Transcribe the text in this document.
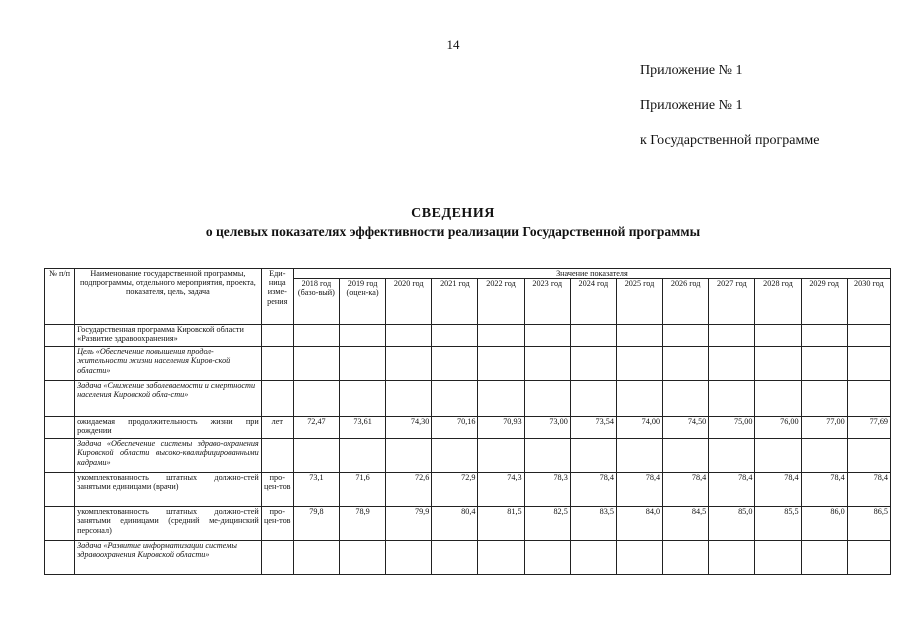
14
Приложение № 1
Приложение № 1
к Государственной программе
СВЕДЕНИЯ
о целевых показателях эффективности реализации Государственной программы
№ п/п	Наименование государственной программы, подпрограммы, отдельного мероприятия, проекта, показателя, цель, задача	Еди-ница изме-рения	Значение показателя												
			2018 год (базо-вый)	2019 год (оцен-ка)	2020 год	2021 год	2022 год	2023 год	2024 год	2025 год	2026 год	2027 год	2028 год	2029 год	2030 год
	Государственная программа Кировской области «Развитие здравоохранения»														
	Цель «Обеспечение повышения продол-жительности жизни населения Киров-ской области»														
	Задача «Снижение заболеваемости и смертности населения Кировской обла-сти»														
	ожидаемая продолжительность жизни при рождении	лет	72,47	73,61	74,30	70,16	70,93	73,00	73,54	74,00	74,50	75,00	76,00	77,00	77,69
	Задача «Обеспечение системы здраво-охранения Кировской области высоко-квалифицированными кадрами»														
	укомплектованность штатных должно-стей занятыми единицами (врачи)	про-цен-тов	73,1	71,6	72,6	72,9	74,3	78,3	78,4	78,4	78,4	78,4	78,4	78,4	78,4
	укомплектованность штатных должно-стей занятыми единицами (средний ме-дицинский персонал)	про-цен-тов	79,8	78,9	79,9	80,4	81,5	82,5	83,5	84,0	84,5	85,0	85,5	86,0	86,5
	Задача «Развитие информатизации системы здравоохранения Кировской области»														
